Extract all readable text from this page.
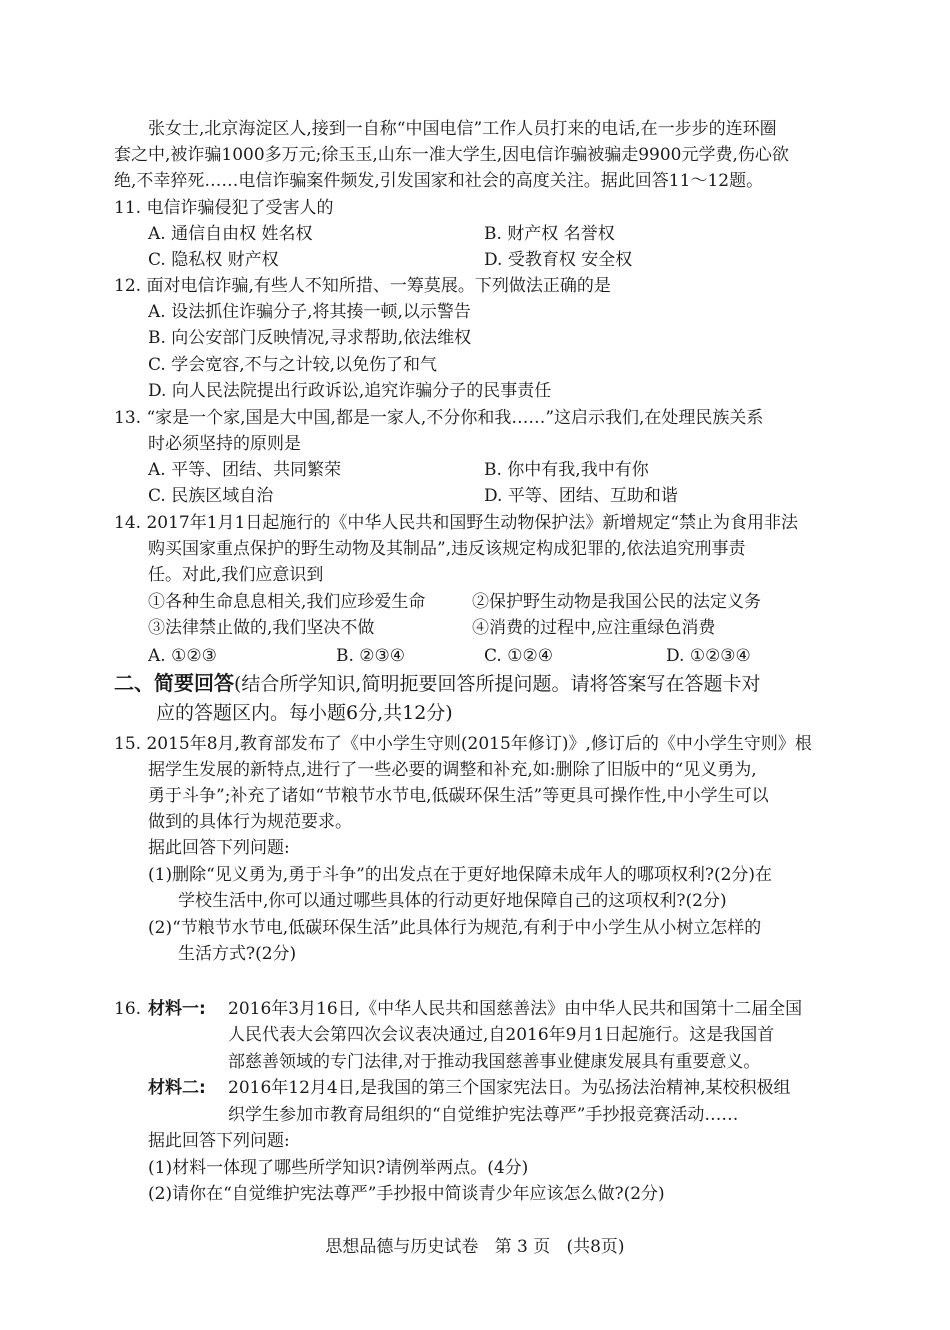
张女士,北京海淀区人,接到一自称“中国电信”工作人员打来的电话,在一步步的连环圈
套之中,被诈骗1000多万元;徐玉玉,山东一准大学生,因电信诈骗被骗走9900元学费,伤心欲
绝,不幸猝死……电信诈骗案件频发,引发国家和社会的高度关注。据此回答11～12题。
11. 电信诈骗侵犯了受害人的
A. 通信自由权 姓名权	B. 财产权 名誉权
C. 隐私权 财产权	D. 受教育权 安全权
12. 面对电信诈骗,有些人不知所措、一筹莫展。下列做法正确的是
A. 设法抓住诈骗分子,将其揍一顿,以示警告
B. 向公安部门反映情况,寻求帮助,依法维权
C. 学会宽容,不与之计较,以免伤了和气
D. 向人民法院提出行政诉讼,追究诈骗分子的民事责任
13. “家是一个家,国是大中国,都是一家人,不分你和我……”这启示我们,在处理民族关系
时必须坚持的原则是
A. 平等、团结、共同繁荣	B. 你中有我,我中有你
C. 民族区域自治	D. 平等、团结、互助和谐
14. 2017年1月1日起施行的《中华人民共和国野生动物保护法》新增规定“禁止为食用非法
购买国家重点保护的野生动物及其制品”,违反该规定构成犯罪的,依法追究刑事责
任。对此,我们应意识到
①各种生命息息相关,我们应珍爱生命	②保护野生动物是我国公民的法定义务
③法律禁止做的,我们坚决不做	④消费的过程中,应注重绿色消费
A. ①②③	B. ②③④	C. ①②④	D. ①②③④
二、简要回答(结合所学知识,简明扼要回答所提问题。请将答案写在答题卡对
应的答题区内。每小题6分,共12分)
15. 2015年8月,教育部发布了《中小学生守则(2015年修订)》,修订后的《中小学生守则》根
据学生发展的新特点,进行了一些必要的调整和补充,如:删除了旧版中的“见义勇为,
勇于斗争”;补充了诸如“节粮节水节电,低碳环保生活”等更具可操作性,中小学生可以
做到的具体行为规范要求。
据此回答下列问题:
(1)删除“见义勇为,勇于斗争”的出发点在于更好地保障未成年人的哪项权利?(2分)在
学校生活中,你可以通过哪些具体的行动更好地保障自己的这项权利?(2分)
(2)“节粮节水节电,低碳环保生活”此具体行为规范,有利于中小学生从小树立怎样的
生活方式?(2分)
16. 材料一: 2016年3月16日,《中华人民共和国慈善法》由中华人民共和国第十二届全国
人民代表大会第四次会议表决通过,自2016年9月1日起施行。这是我国首
部慈善领域的专门法律,对于推动我国慈善事业健康发展具有重要意义。
材料二: 2016年12月4日,是我国的第三个国家宪法日。为弘扬法治精神,某校积极组
织学生参加市教育局组织的“自觉维护宪法尊严”手抄报竞赛活动……
据此回答下列问题:
(1)材料一体现了哪些所学知识?请例举两点。(4分)
(2)请你在“自觉维护宪法尊严”手抄报中简谈青少年应该怎么做?(2分)
思想品德与历史试卷   第 3 页   (共8页)
